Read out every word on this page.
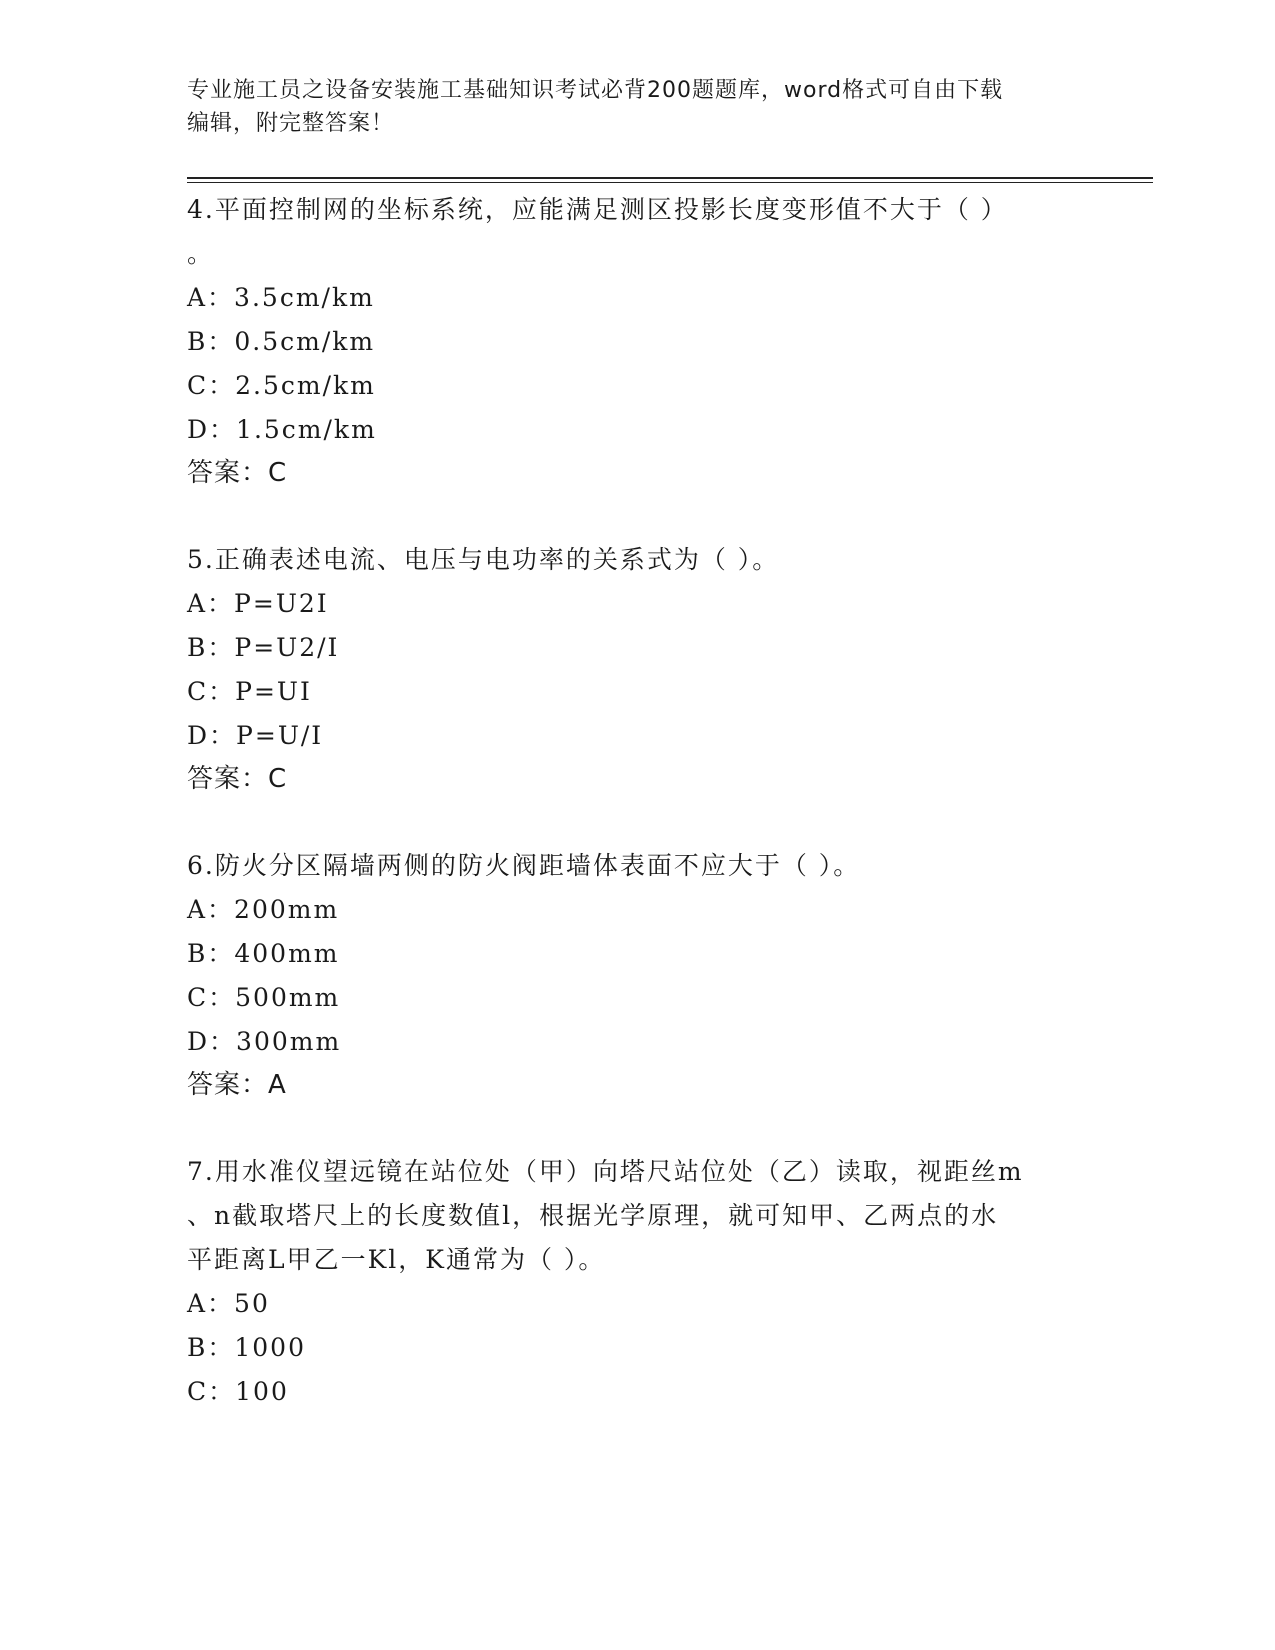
专业施工员之设备安装施工基础知识考试必背200题题库，word格式可自由下载
编辑，附完整答案！
4.平面控制网的坐标系统，应能满足测区投影长度变形值不大于（ ）
。
A：3.5cm/km
B：0.5cm/km
C：2.5cm/km
D：1.5cm/km
答案：C
5.正确表述电流、电压与电功率的关系式为（ ）。
A：P=U2I
B：P=U2/I
C：P=UI
D：P=U/I
答案：C
6.防火分区隔墙两侧的防火阀距墙体表面不应大于（ ）。
A：200mm
B：400mm
C：500mm
D：300mm
答案：A
7.用水准仪望远镜在站位处（甲）向塔尺站位处（乙）读取，视距丝m
、n截取塔尺上的长度数值l，根据光学原理，就可知甲、乙两点的水
平距离L甲乙一Kl，K通常为（ ）。
A：50
B：1000
C：100
